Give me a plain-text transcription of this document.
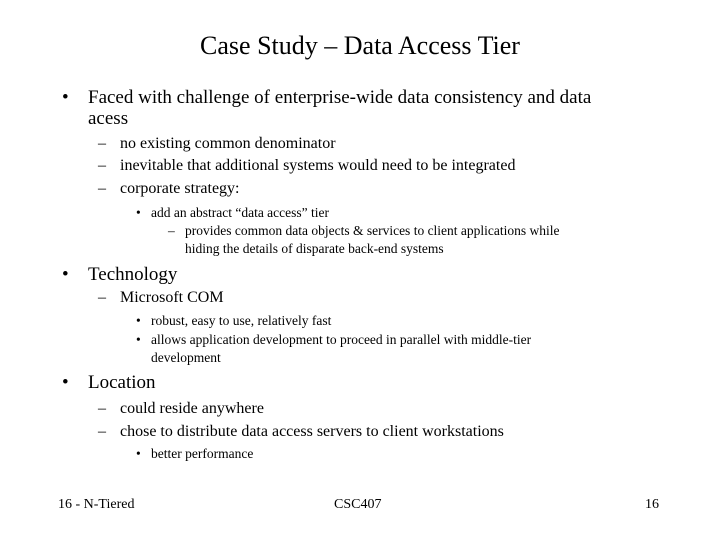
Case Study – Data Access Tier
• Faced with challenge of enterprise-wide data consistency and data
acess
– no existing common denominator
– inevitable that additional systems would need to be integrated
– corporate strategy:
• add an abstract “data access” tier
– provides common data objects & services to client applications while
hiding the details of disparate back-end systems
• Technology
– Microsoft COM
• robust, easy to use, relatively fast
• allows application development to proceed in parallel with middle-tier
development
• Location
– could reside anywhere
– chose to distribute data access servers to client workstations
• better performance
16 - N-Tiered	CSC407	16
